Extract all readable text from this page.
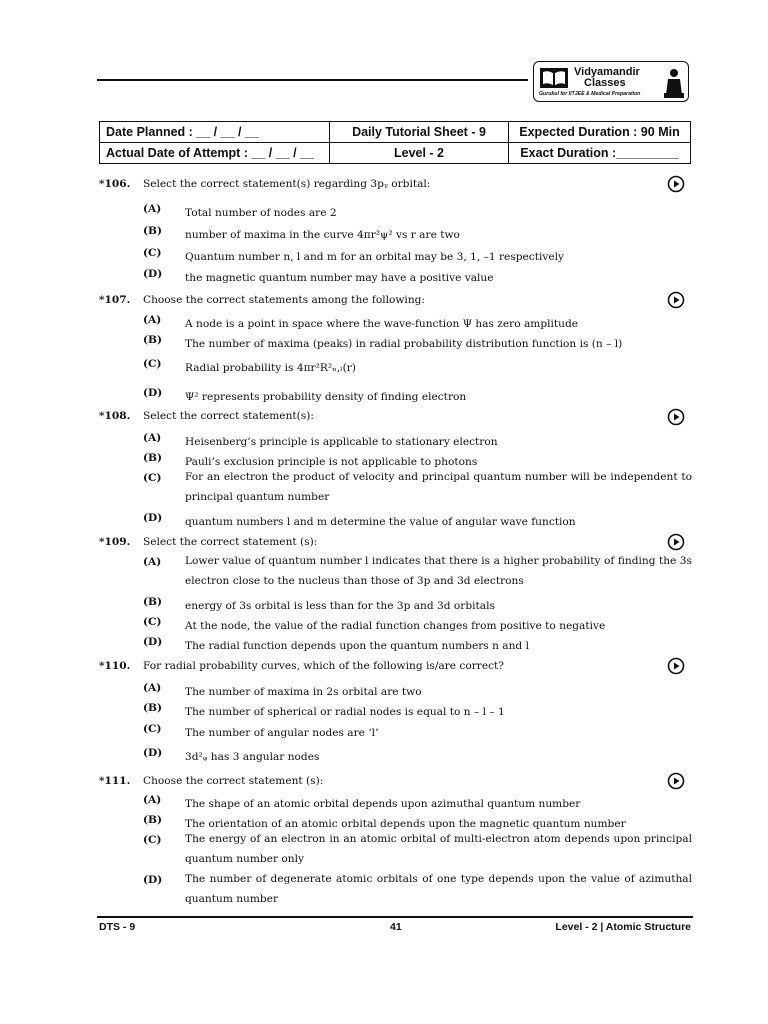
Vidyamandir
Classes
Gurukul for IITJEE & Medical Preparation
Date Planned : __ / __ / __	Daily Tutorial Sheet - 9	Expected Duration : 90 Min
Actual Date of Attempt : __ / __ / __	Level - 2	Exact Duration :_________
*106. Select the correct statement(s) regarding 3pᵧ orbital:
(A) Total number of nodes are 2
(B) number of maxima in the curve 4πr²ψ² vs r are two
(C) Quantum number n, l and m for an orbital may be 3, 1, –1 respectively
(D) the magnetic quantum number may have a positive value
*107. Choose the correct statements among the following:
(A) A node is a point in space where the wave-function Ψ has zero amplitude
(B) The number of maxima (peaks) in radial probability distribution function is (n – l)
(C) Radial probability is 4πr²R²ₙ,ₗ(r)
(D) Ψ² represents probability density of finding electron
*108. Select the correct statement(s):
(A) Heisenberg’s principle is applicable to stationary electron
(B) Pauli’s exclusion principle is not applicable to photons
(C) For an electron the product of velocity and principal quantum number will be independent to principal quantum number
(D) quantum numbers l and m determine the value of angular wave function
*109. Select the correct statement (s):
(A) Lower value of quantum number l indicates that there is a higher probability of finding the 3s electron close to the nucleus than those of 3p and 3d electrons
(B) energy of 3s orbital is less than for the 3p and 3d orbitals
(C) At the node, the value of the radial function changes from positive to negative
(D) The radial function depends upon the quantum numbers n and l
*110. For radial probability curves, which of the following is/are correct?
(A) The number of maxima in 2s orbital are two
(B) The number of spherical or radial nodes is equal to n – l – 1
(C) The number of angular nodes are ‘l’
(D) 3d²ᵩ has 3 angular nodes
*111. Choose the correct statement (s):
(A) The shape of an atomic orbital depends upon azimuthal quantum number
(B) The orientation of an atomic orbital depends upon the magnetic quantum number
(C) The energy of an electron in an atomic orbital of multi-electron atom depends upon principal quantum number only
(D) The number of degenerate atomic orbitals of one type depends upon the value of azimuthal quantum number
DTS - 9	41	Level - 2 | Atomic Structure
